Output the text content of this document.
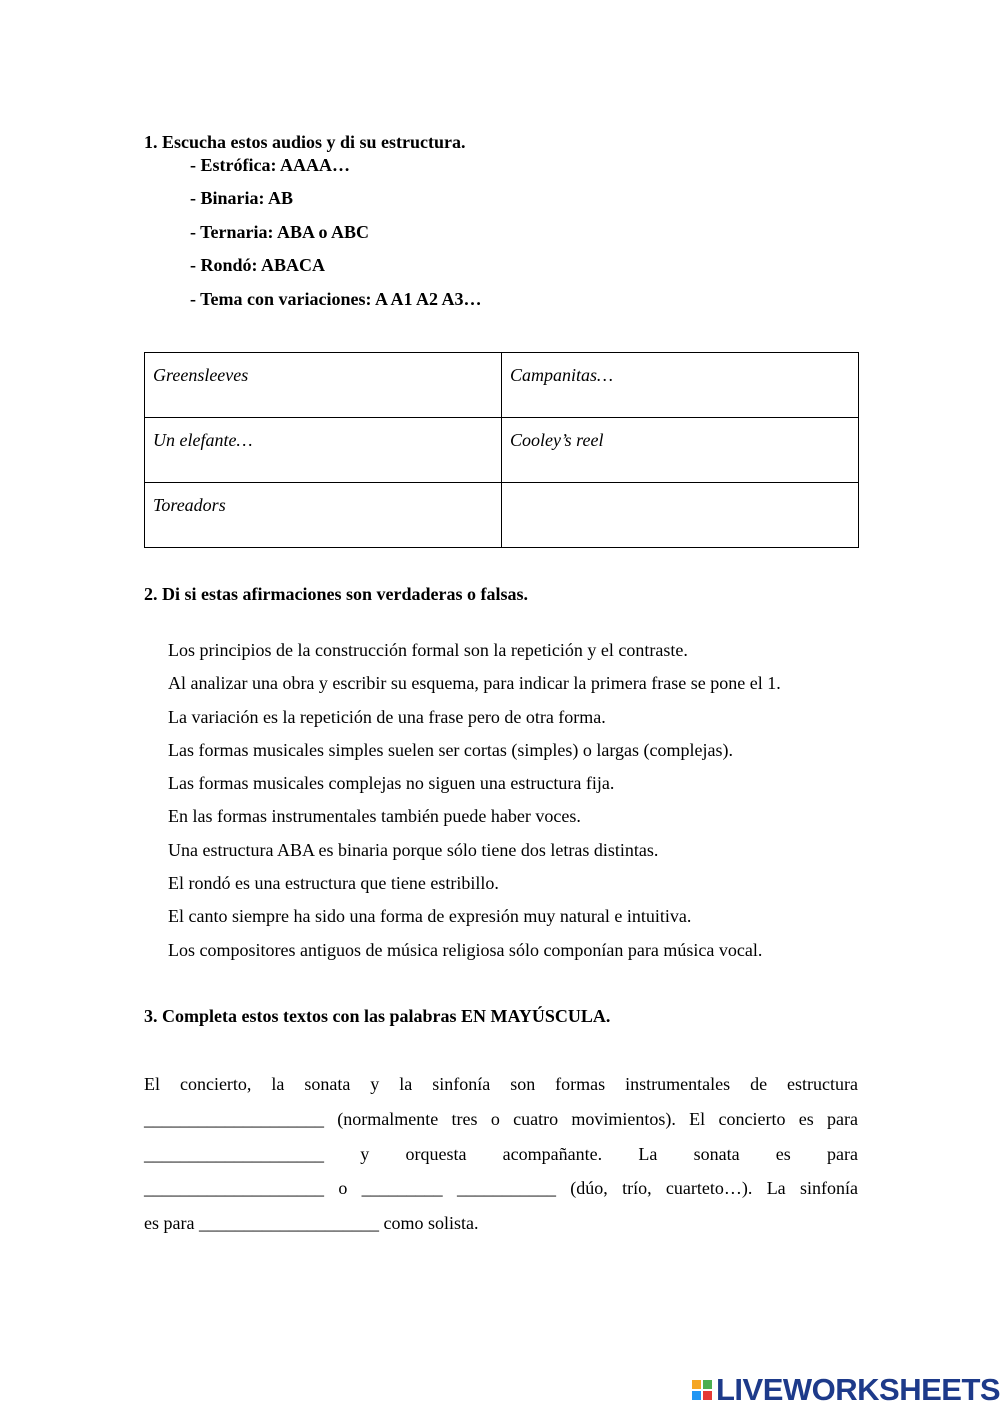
1. Escucha estos audios y di su estructura.
- Estrófica: AAAA…
- Binaria: AB
- Ternaria: ABA o ABC
- Rondó: ABACA
- Tema con variaciones: A A1 A2 A3…
Greensleeves	Campanitas…
Un elefante…	Cooley’s reel
Toreadors	
2. Di si estas afirmaciones son verdaderas o falsas.
Los principios de la construcción formal son la repetición y el contraste.
Al analizar una obra y escribir su esquema, para indicar la primera frase se pone el 1.
La variación es la repetición de una frase pero de otra forma.
Las formas musicales simples suelen ser cortas (simples) o largas (complejas).
Las formas musicales complejas no siguen una estructura fija.
En las formas instrumentales también puede haber voces.
Una estructura ABA es binaria porque sólo tiene dos letras distintas.
El rondó es una estructura que tiene estribillo.
El canto siempre ha sido una forma de expresión muy natural e intuitiva.
Los compositores antiguos de música religiosa sólo componían para música vocal.
3. Completa estos textos con las palabras EN MAYÚSCULA.
El concierto, la sonata y la sinfonía son formas instrumentales de estructura
____________________ (normalmente tres o cuatro movimientos). El concierto es para
____________________ y orquesta acompañante. La sonata es para
____________________ o _________ ___________ (dúo, trío, cuarteto…). La sinfonía
es para ____________________ como solista.
LIVEWORKSHEETS
